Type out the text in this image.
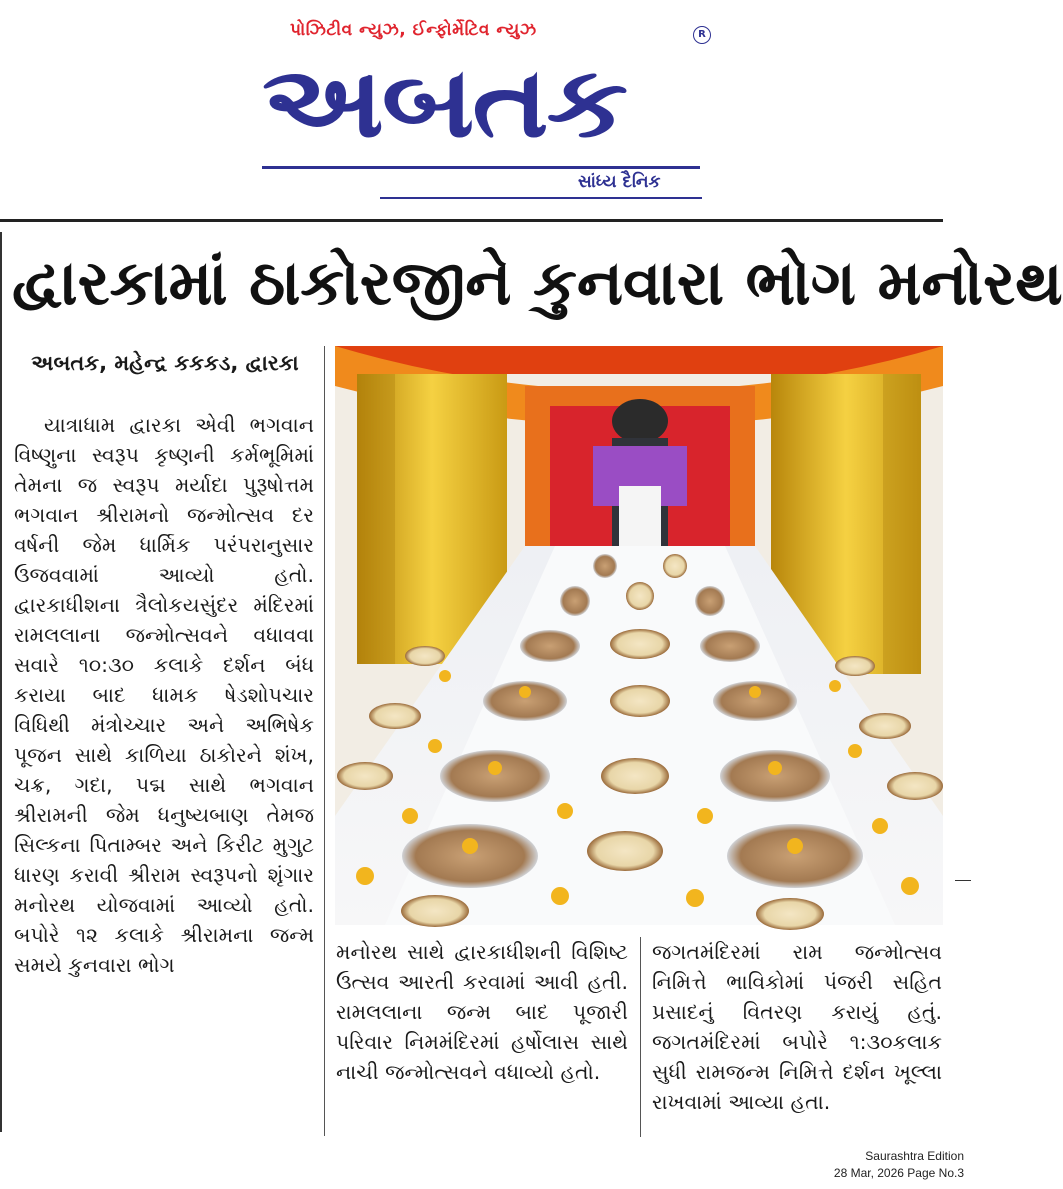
પોઝિટીવ ન્યુઝ, ઈન્ફોર્મેટિવ ન્યુઝ
અબતક
R
સાંધ્ય દૈનિક
દ્વારકામાં ઠાકોરજીને કુનવારા ભોગ મનોરથ
અબતક, મહેન્દ્ર કકકડ, દ્વારકા
યાત્રાધામ દ્વારકા એવી ભગવાન વિષ્ણુના સ્વરૂપ કૃષ્ણની કર્મભૂમિમાં તેમના જ સ્વરૂપ મર્યાદા પુરૂષોત્તમ ભગવાન શ્રીરામનો જન્મોત્સવ દર વર્ષની જેમ ધાર્મિક પરંપરાનુસાર ઉજવવામાં આવ્યો હતો. દ્વારકાધીશના ત્રૈલોકયસુંદર મંદિરમાં રામલલાના જન્મોત્સવને વધાવવા સવારે ૧૦:૩૦ કલાકે દર્શન બંધ કરાયા બાદ ધામક ષેડશોપચાર વિધિથી મંત્રોચ્ચાર અને અભિષેક પૂજન સાથે કાળિયા ઠાકોરને શંખ, ચક્ર, ગદા, પદ્મ સાથે ભગવાન શ્રીરામની જેમ ધનુષ્યબાણ તેમજ સિલ્કના પિતામ્બર અને કિરીટ મુગુટ ધારણ કરાવી શ્રીરામ સ્વરૂપનો શૃંગાર મનોરથ યોજવામાં આવ્યો હતો. બપોરે ૧૨ કલાકે શ્રીરામના જન્મ સમયે કુનવારા ભોગ
મનોરથ સાથે દ્વારકાધીશની વિશિષ્ટ ઉત્સવ આરતી કરવામાં આવી હતી. રામલલાના જન્મ બાદ પૂજારી પરિવાર નિમમંદિરમાં હર્ષોલાસ સાથે નાચી જન્મોત્સવને વધાવ્યો હતો.
જગતમંદિરમાં રામ જન્મોત્સવ નિમિત્તે ભાવિકોમાં પંજરી સહિત પ્રસાદનું વિતરણ કરાયું હતું. જગતમંદિરમાં બપોરે ૧:૩૦કલાક સુધી રામજન્મ નિમિત્તે દર્શન ખૂલ્લા રાખવામાં આવ્યા હતા.
Saurashtra Edition
28 Mar, 2026 Page No.3
